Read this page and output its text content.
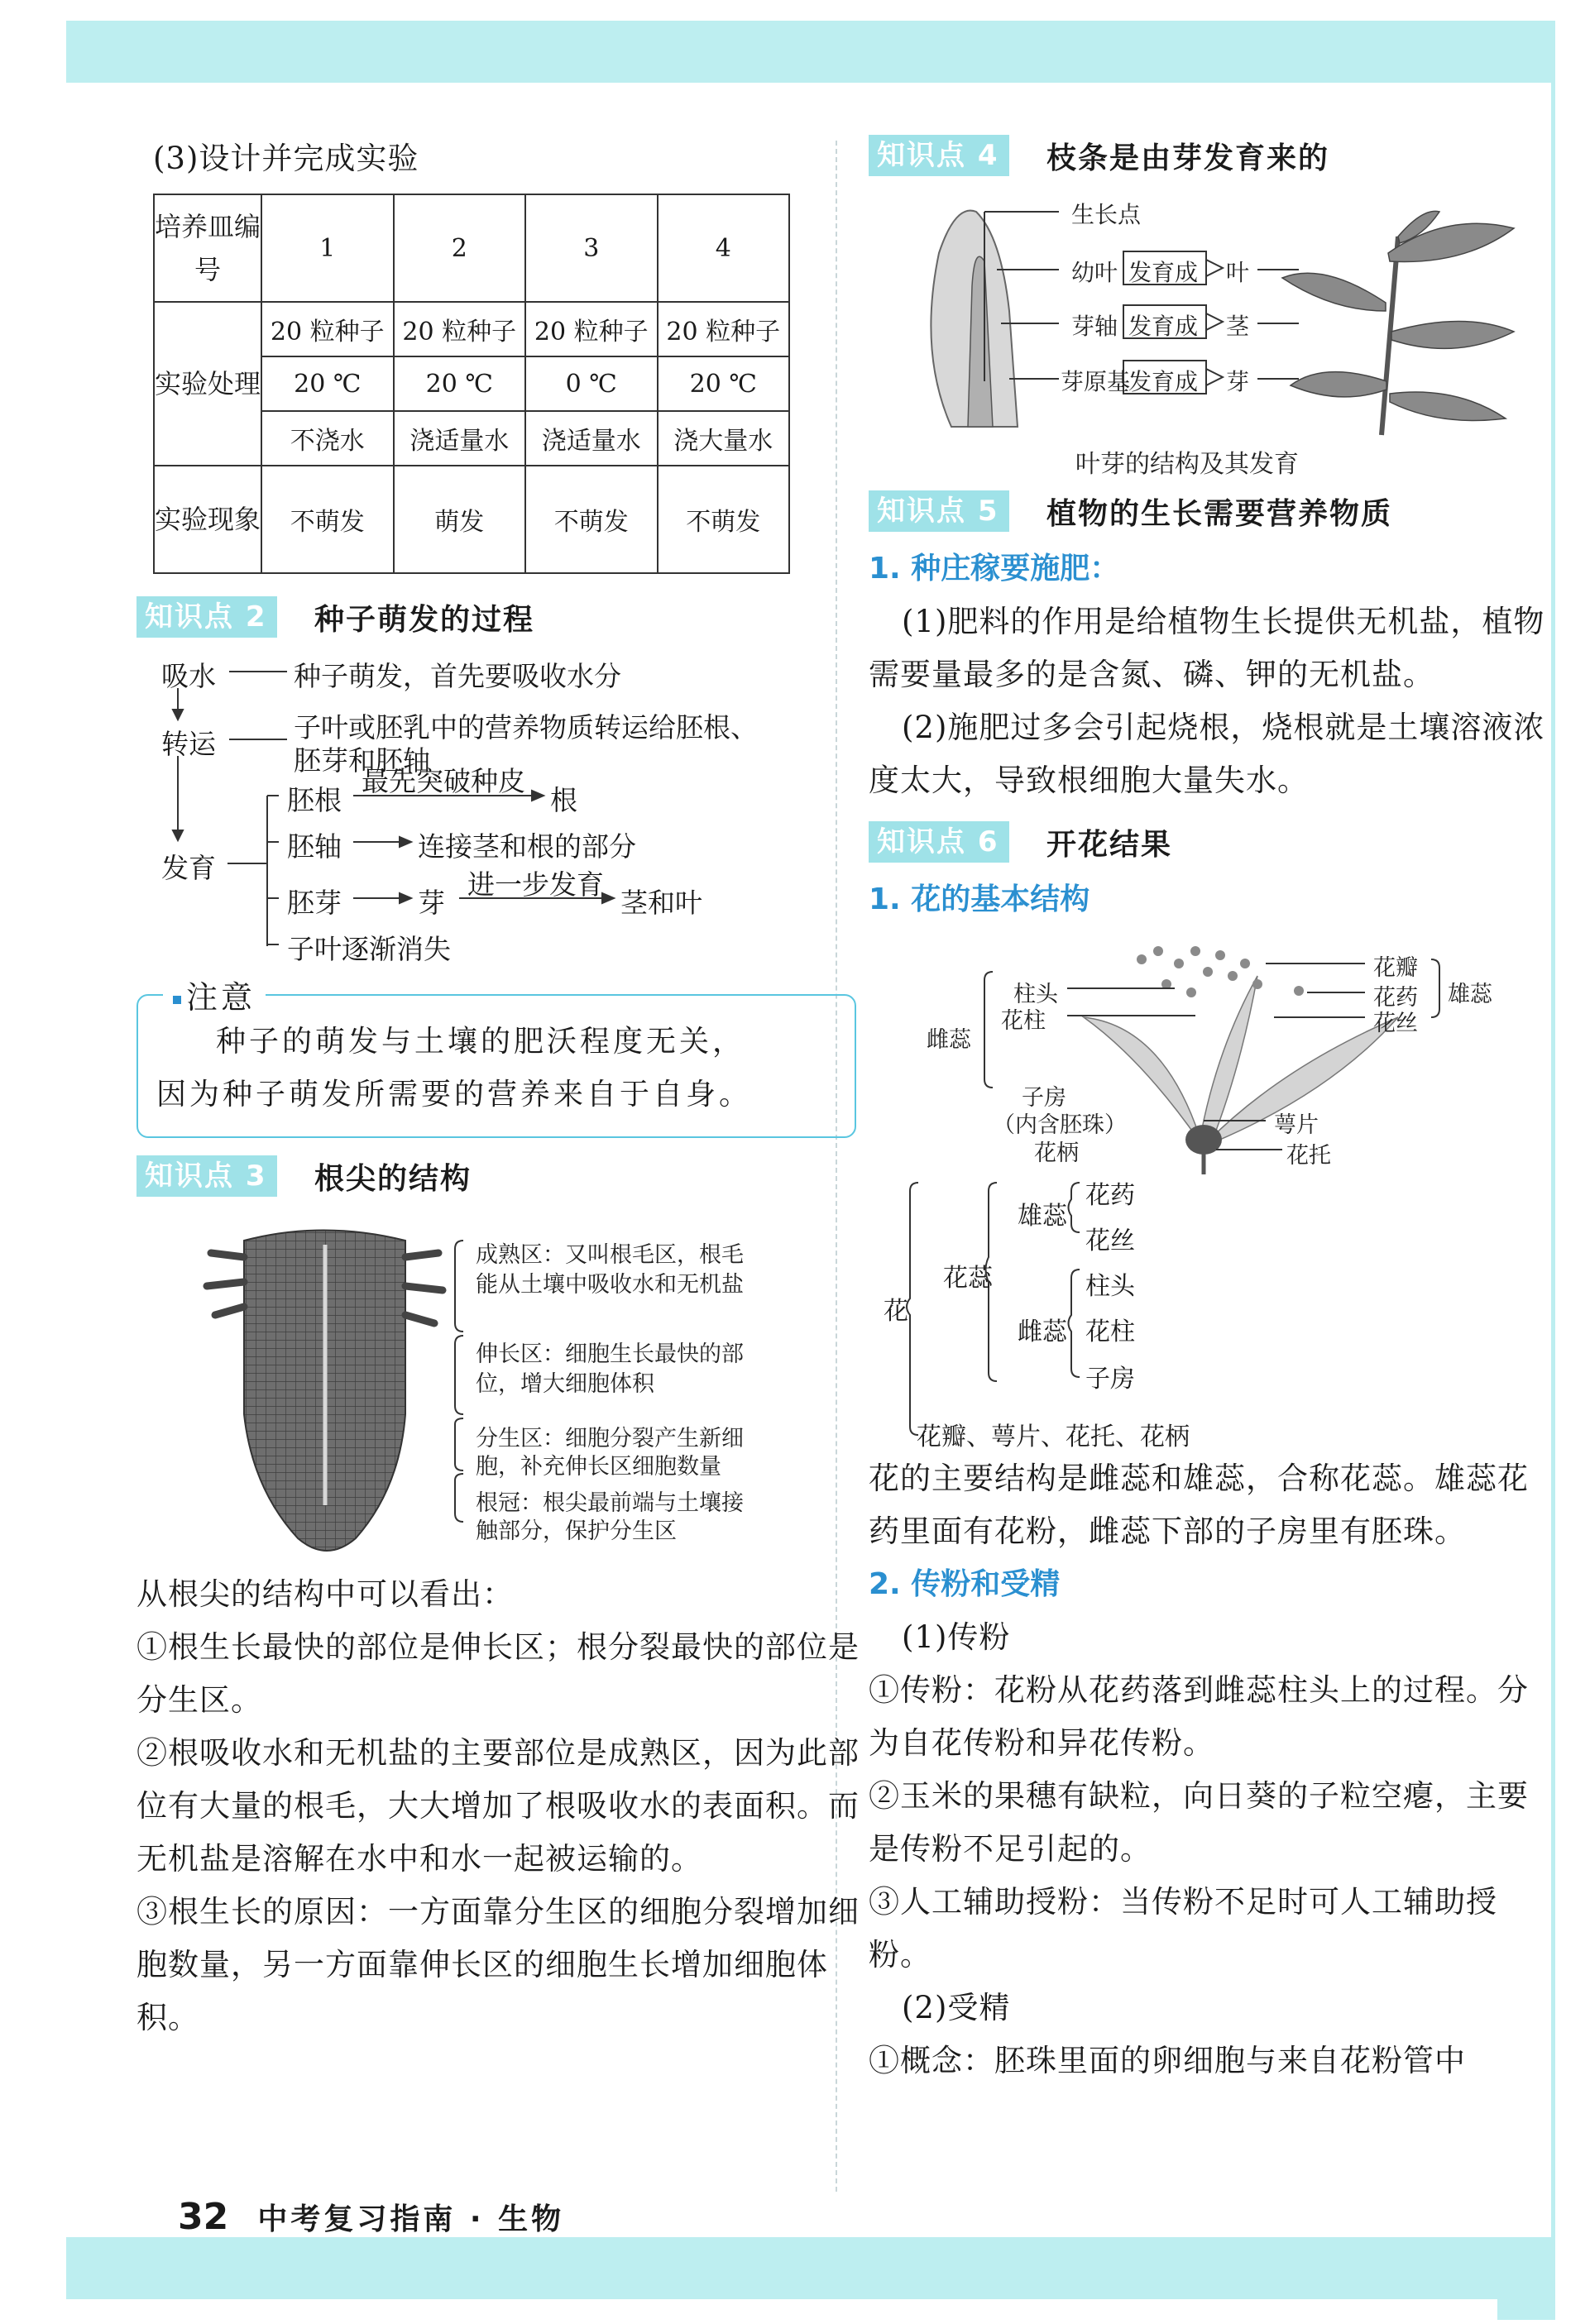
(3)设计并完成实验
培养皿编号	1	2	3	4
实验处理	20 粒种子	20 粒种子	20 粒种子	20 粒种子
	20 ℃	20 ℃	0 ℃	20 ℃
	不浇水	浇适量水	浇适量水	浇大量水
实验现象	不萌发	萌发	不萌发	不萌发
知识点 2	种子萌发的过程
吸水	种子萌发，首先要吸收水分
转运
子叶或胚乳中的营养物质转运给胚根、
胚芽和胚轴
发育
胚根
最先突破种皮
根
胚轴	连接茎和根的部分
胚芽	芽
进一步发育
茎和叶
子叶逐渐消失
注意
种子的萌发与土壤的肥沃程度无关，
因为种子萌发所需要的营养来自于自身。
知识点 3	根尖的结构
成熟区：又叫根毛区，根毛
能从土壤中吸收水和无机盐
伸长区：细胞生长最快的部
位，增大细胞体积
分生区：细胞分裂产生新细
胞，补充伸长区细胞数量
根冠：根尖最前端与土壤接
触部分，保护分生区
从根尖的结构中可以看出：
①根生长最快的部位是伸长区；根分裂最快的部位是分生区。
②根吸收水和无机盐的主要部位是成熟区，因为此部位有大量的根毛，大大增加了根吸收水的表面积。而无机盐是溶解在水中和水一起被运输的。
③根生长的原因：一方面靠分生区的细胞分裂增加细胞数量，另一方面靠伸长区的细胞生长增加细胞体积。
知识点 4	枝条是由芽发育来的
生长点
幼叶
芽轴
芽原基
发育成
发育成
发育成
叶
茎
芽
叶芽的结构及其发育
知识点 5	植物的生长需要营养物质
1. 种庄稼要施肥：
(1)肥料的作用是给植物生长提供无机盐，植物需要量最多的是含氮、磷、钾的无机盐。
(2)施肥过多会引起烧根，烧根就是土壤溶液浓度太大，导致根细胞大量失水。
知识点 6	开花结果
1. 花的基本结构
柱头
花柱
雌蕊
子房
（内含胚珠）
花柄
花瓣
花药
花丝
雄蕊
萼片
花托
花
花蕊
雄蕊
花药
花丝
雌蕊
柱头
花柱
子房
花瓣、萼片、花托、花柄
花的主要结构是雌蕊和雄蕊，合称花蕊。雄蕊花药里面有花粉，雌蕊下部的子房里有胚珠。
2. 传粉和受精
(1)传粉
①传粉：花粉从花药落到雌蕊柱头上的过程。分为自花传粉和异花传粉。
②玉米的果穗有缺粒，向日葵的子粒空瘪，主要是传粉不足引起的。
③人工辅助授粉：当传粉不足时可人工辅助授粉。
(2)受精
①概念：胚珠里面的卵细胞与来自花粉管中
32 中考复习指南 · 生物
